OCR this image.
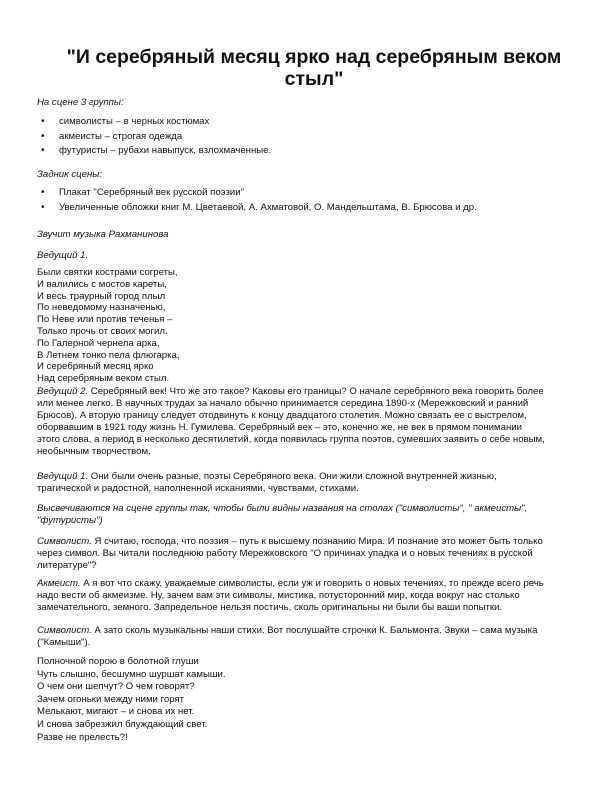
"И серебряный месяц ярко над серебряным веком стыл"

На сцене 3 группы:

• символисты – в черных костюмах
• акмеисты – строгая одежда
• футуристы – рубахи навыпуск, взлохмаченные.

Задник сцены:

• Плакат "Серебряный век русской поэзии"
• Увеличенные обложки книг М. Цветаевой, А. Ахматовой, О. Мандельштама, В. Брюсова и др.

Звучит музыка Рахманинова

Ведущий 1.

Были святки кострами согреты,
И валились с мостов кареты,
И весь траурный город плыл
По неведомому назначенью,
По Неве или против теченья –
Только прочь от своих могил.
По Галерной чернела арка,
В Летнем тонко пела флюгарка,
И серебряный месяц ярко
Над серебряным веком стыл.
Ведущий 2. Серебряный век! Что же это такое? Каковы его границы? О начале серебряного века говорить более
или менее легко. В научных трудах за начало обычно принимается середина 1890-х (Мережковский и ранний
Брюсов). А вторую границу следует отодвинуть к концу двадцатого столетия. Можно связать ее с выстрелом,
оборвавшим в 1921 году жизнь Н. Гумилева. Серебряный век – это, конечно же, не век в прямом понимании
этого слова, а период в несколько десятилетий, когда появилась группа поэтов, сумевших заявить о себе новым,
необычным творчеством.
Ведущий 1. Они были очень разные, поэты Серебряного века. Они жили сложной внутренней жизнью,
трагической и радостной, наполненной исканиями, чувствами, стихами.
Высвечиваются на сцене группы так, чтобы были видны названия на столах ("символисты", " акмеисты",
"футуристы")
Символист. Я считаю, господа, что поэзия – путь к высшему познанию Мира. И познание это может быть только
через символ. Вы читали последнюю работу Мережковского "О причинах упадка и о новых течениях в русской
литературе"?
Акмеист. А я вот что скажу, уважаемые символисты, если уж и говорить о новых течениях, то прежде всего речь
надо вести об акмеизме. Ну, зачем вам эти символы, мистика, потусторонний мир, когда вокруг нас столько
замечательного, земного. Запредельное нельзя постичь, сколь оригинальны ни были бы ваши попытки.
Символист. А зато сколь музыкальны наши стихи. Вот послушайте строчки К. Бальмонта. Звуки – сама музыка
("Камыши").
Полночной порою в болотной глуши
Чуть слышно, бесшумно шуршат камыши.
О чем они шепчут? О чем говорят?
Зачем огоньки между ними горят
Мелькают, мигают – и снова их нет.
И снова забрезжил блуждающий свет.
Разве не прелесть?!
